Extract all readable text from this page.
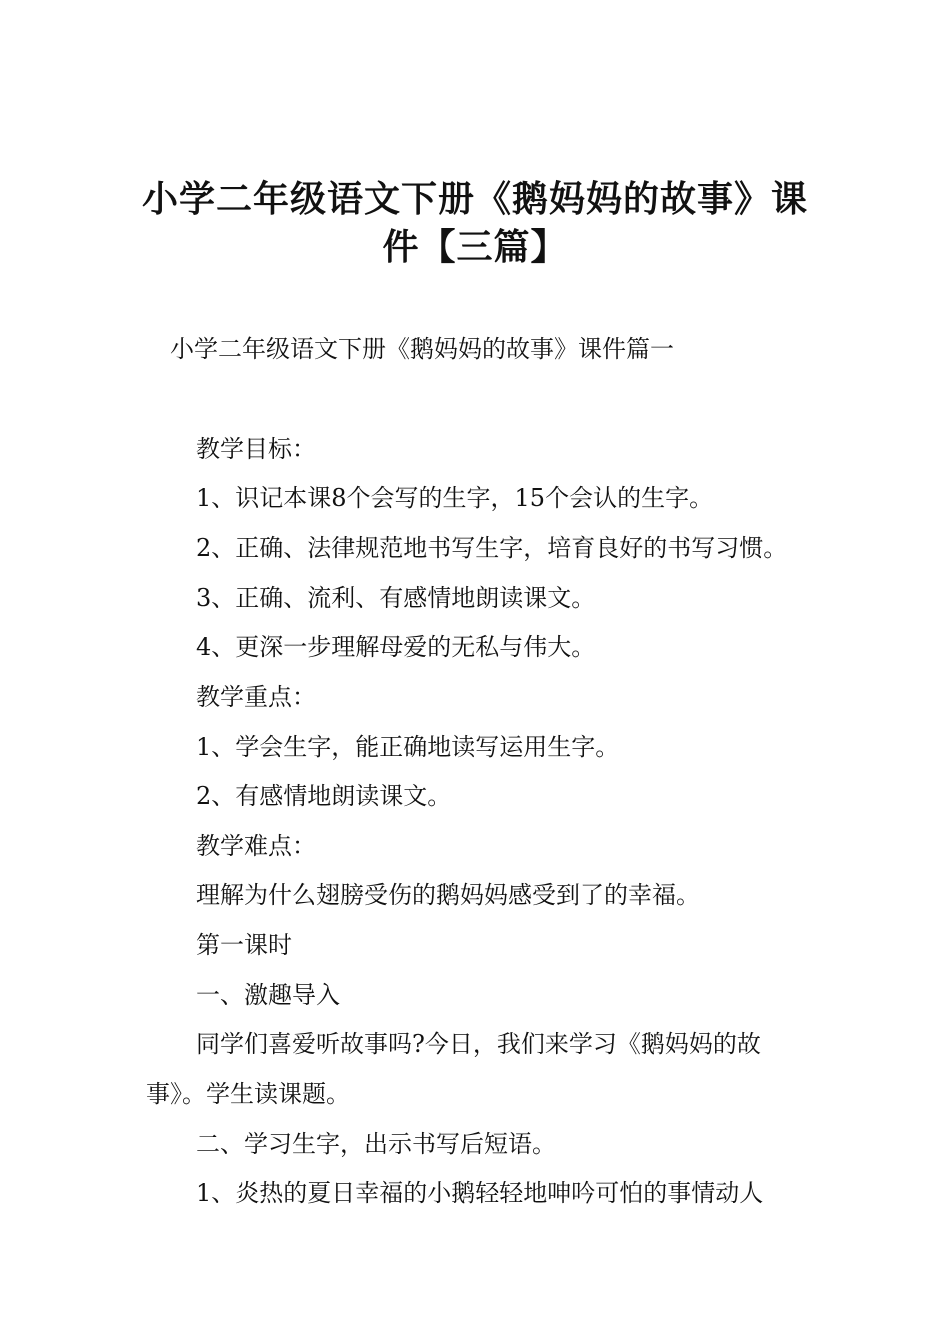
小学二年级语文下册《鹅妈妈的故事》课
件【三篇】
小学二年级语文下册《鹅妈妈的故事》课件篇一
教学目标：
1、识记本课8个会写的生字，15个会认的生字。
2、正确、法律规范地书写生字，培育良好的书写习惯。
3、正确、流利、有感情地朗读课文。
4、更深一步理解母爱的无私与伟大。
教学重点：
1、学会生字，能正确地读写运用生字。
2、有感情地朗读课文。
教学难点：
理解为什么翅膀受伤的鹅妈妈感受到了的幸福。
第一课时
一、激趣导入
同学们喜爱听故事吗?今日，我们来学习《鹅妈妈的故
事》。学生读课题。
二、学习生字，出示书写后短语。
1、炎热的夏日幸福的小鹅轻轻地呻吟可怕的事情动人
